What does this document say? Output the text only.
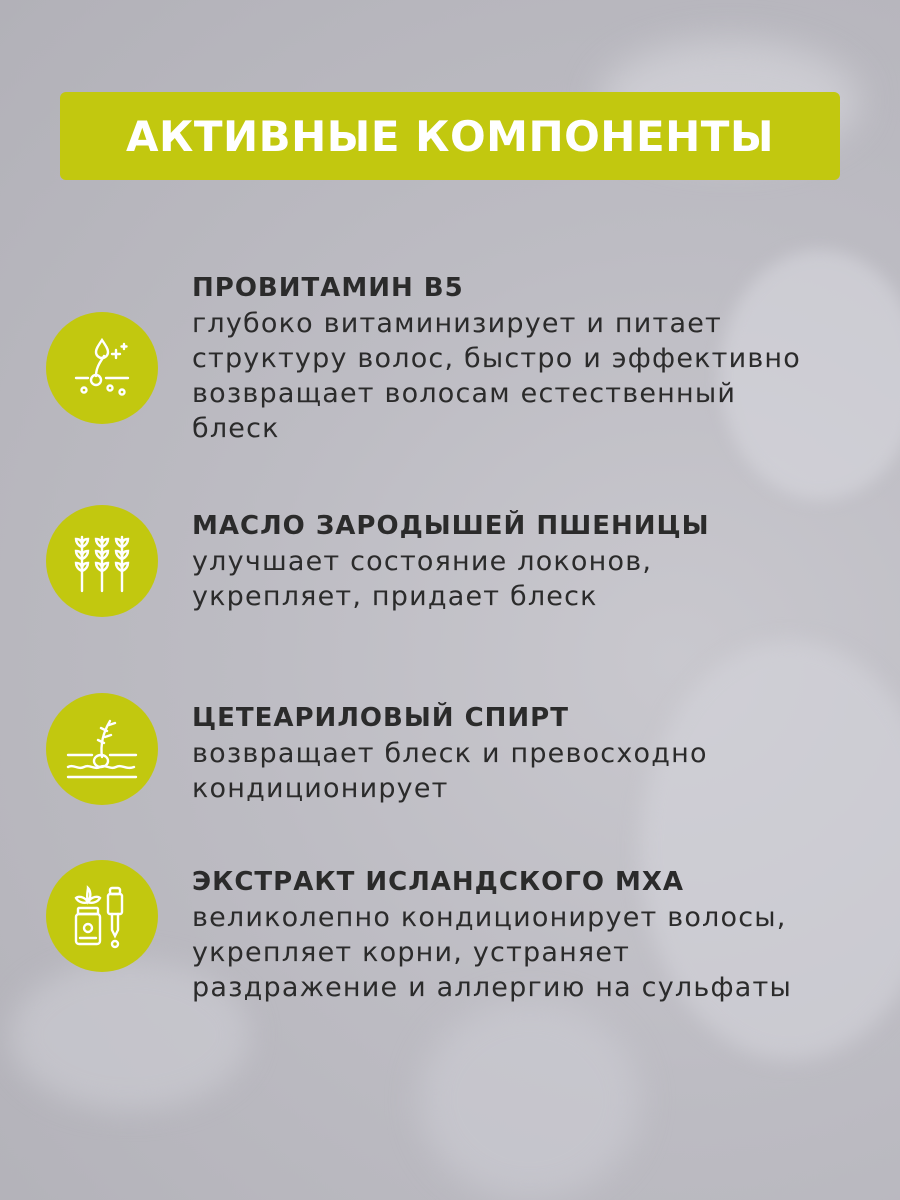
АКТИВНЫЕ КОМПОНЕНТЫ

ПРОВИТАМИН В5

глубоко витаминизирует и питает

структуру волос, быстро и эффективно

возвращает волосам естественный

блеск

МАСЛО ЗАРОДЫШЕЙ ПШЕНИЦЫ

улучшает состояние локонов,

укрепляет, придает блеск

ЦЕТЕАРИЛОВЫЙ СПИРТ

возвращает блеск и превосходно

кондиционирует

ЭКСТРАКТ ИСЛАНДСКОГО МХА

великолепно кондиционирует волосы,

укрепляет корни, устраняет

раздражение и аллергию на сульфаты
